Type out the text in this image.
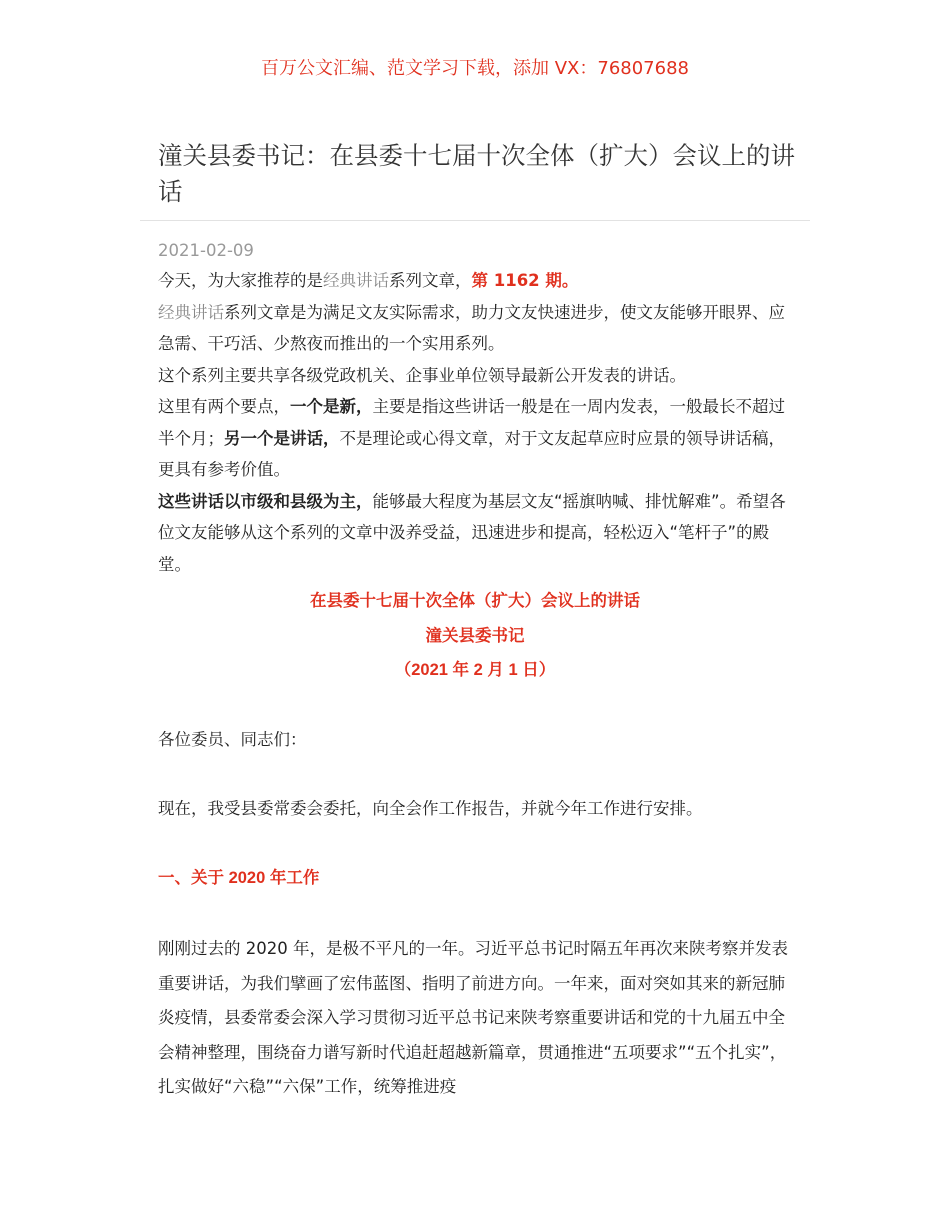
百万公文汇编、范文学习下载，添加 VX：76807688
潼关县委书记：在县委十七届十次全体（扩大）会议上的讲话
2021-02-09

今天，为大家推荐的是经典讲话系列文章，第 1162 期。

经典讲话系列文章是为满足文友实际需求，助力文友快速进步，使文友能够开眼界、应急需、干巧活、少熬夜而推出的一个实用系列。

这个系列主要共享各级党政机关、企事业单位领导最新公开发表的讲话。

这里有两个要点，一个是新，主要是指这些讲话一般是在一周内发表，一般最长不超过半个月；另一个是讲话，不是理论或心得文章，对于文友起草应时应景的领导讲话稿，更具有参考价值。

这些讲话以市级和县级为主，能够最大程度为基层文友“摇旗呐喊、排忧解难”。希望各位文友能够从这个系列的文章中汲养受益，迅速进步和提高，轻松迈入“笔杆子”的殿堂。

在县委十七届十次全体（扩大）会议上的讲话
潼关县委书记
（2021 年 2 月 1 日）
各位委员、同志们：
现在，我受县委常委会委托，向全会作工作报告，并就今年工作进行安排。
一、关于 2020 年工作

刚刚过去的 2020 年，是极不平凡的一年。习近平总书记时隔五年再次来陕考察并发表重要讲话，为我们擘画了宏伟蓝图、指明了前进方向。一年来，面对突如其来的新冠肺炎疫情，县委常委会深入学习贯彻习近平总书记来陕考察重要讲话和党的十九届五中全会精神整理，围绕奋力谱写新时代追赶超越新篇章，贯通推进“五项要求”“五个扎实”，扎实做好“六稳”“六保”工作，统筹推进疫
